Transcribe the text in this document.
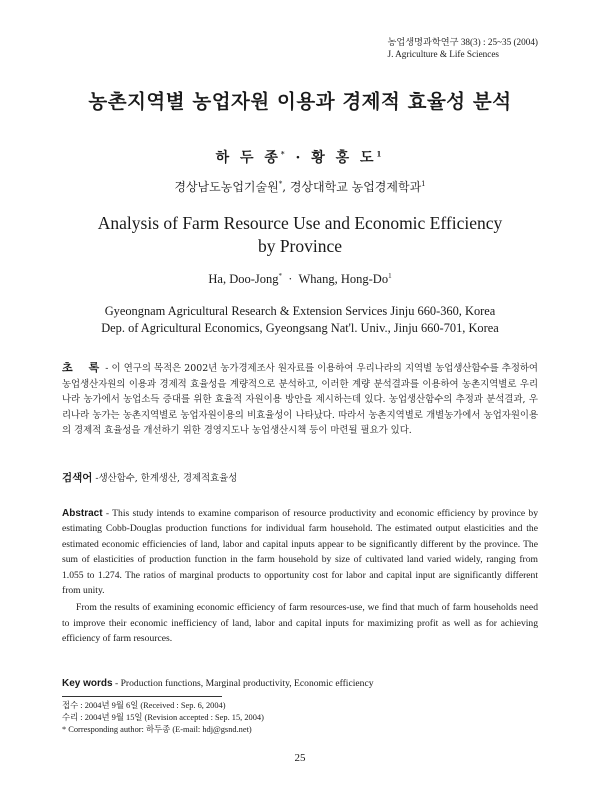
농업생명과학연구 38(3) : 25~35 (2004)
J. Agriculture & Life Sciences
농촌지역별 농업자원 이용과 경제적 효율성 분석
하 두 종* · 황 홍 도$^1$
경상남도농업기술원*, 경상대학교 농업경제학과$^1$
Analysis of Farm Resource Use and Economic Efficiency
by Province
Ha, Doo-Jong* · Whang, Hong-Do$^1$
Gyeongnam Agricultural Research & Extension Services Jinju 660-360, Korea
Dep. of Agricultural Economics, Gyeongsang Nat'l. Univ., Jinju 660-701, Korea
초 록- 이 연구의 목적은 2002년 농가경제조사 원자료를 이용하여 우리나라의 지역별 농업생산함수를 추정하여 농업생산자원의 이용과 경제적 효율성을 계량적으로 분석하고, 이러한 계량 분석결과를 이용하여 농촌지역별로 우리나라 농가에서 농업소득 증대를 위한 효율적 자원이용 방안을 제시하는데 있다. 농업생산함수의 추정과 분석결과, 우리나라 농가는 농촌지역별로 농업자원이용의 비효율성이 나타났다. 따라서 농촌지역별로 개별농가에서 농업자원이용의 경제적 효율성을 개선하기 위한 경영지도나 농업생산시책 등이 마련될 필요가 있다.
검색어 -생산함수, 한계생산, 경제적효율성

Abstract - This study intends to examine comparison of resource productivity and economic efficiency by province by estimating Cobb-Douglas production functions for individual farm household. The estimated output elasticities and the estimated economic efficiencies of land, labor and capital inputs appear to be significantly different by the province. The sum of elasticities of production function in the farm household by size of cultivated land varied widely, ranging from 1.055 to 1.274. The ratios of marginal products to opportunity cost for labor and capital input are significantly different from unity.

From the results of examining economic efficiency of farm resources-use, we find that much of farm households need to improve their economic inefficiency of land, labor and capital inputs for maximizing profit as well as for achieving efficiency of farm resources.

Key words - Production functions, Marginal productivity, Economic efficiency
접수 : 2004년 9월 6일 (Received : Sep. 6, 2004)
수리 : 2004년 9월 15일 (Revision accepted : Sep. 15, 2004)
* Corresponding author: 하두종 (E-mail: hdj@gsnd.net)
25
